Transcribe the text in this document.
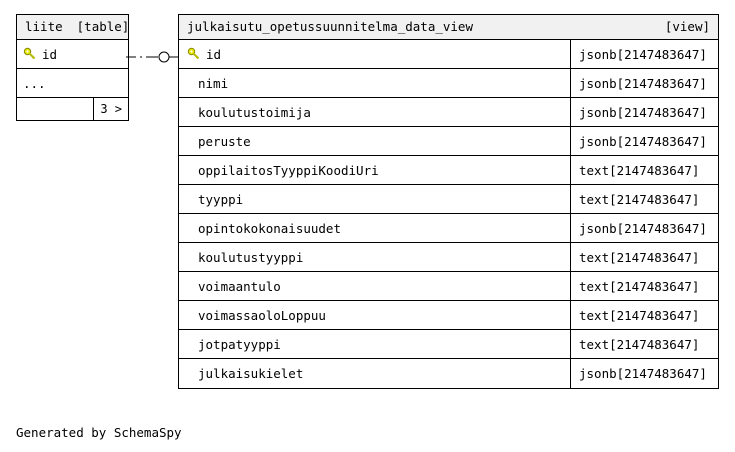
liite [table]
id
...
3 >
julkaisutu_opetussuunnitelma_data_view	[view]
id	jsonb[2147483647]
nimi	jsonb[2147483647]
koulutustoimija	jsonb[2147483647]
peruste	jsonb[2147483647]
oppilaitosTyyppiKoodiUri	text[2147483647]
tyyppi	text[2147483647]
opintokokonaisuudet	jsonb[2147483647]
koulutustyyppi	text[2147483647]
voimaantulo	text[2147483647]
voimassaoloLoppuu	text[2147483647]
jotpatyyppi	text[2147483647]
julkaisukielet	jsonb[2147483647]
Generated by SchemaSpy
